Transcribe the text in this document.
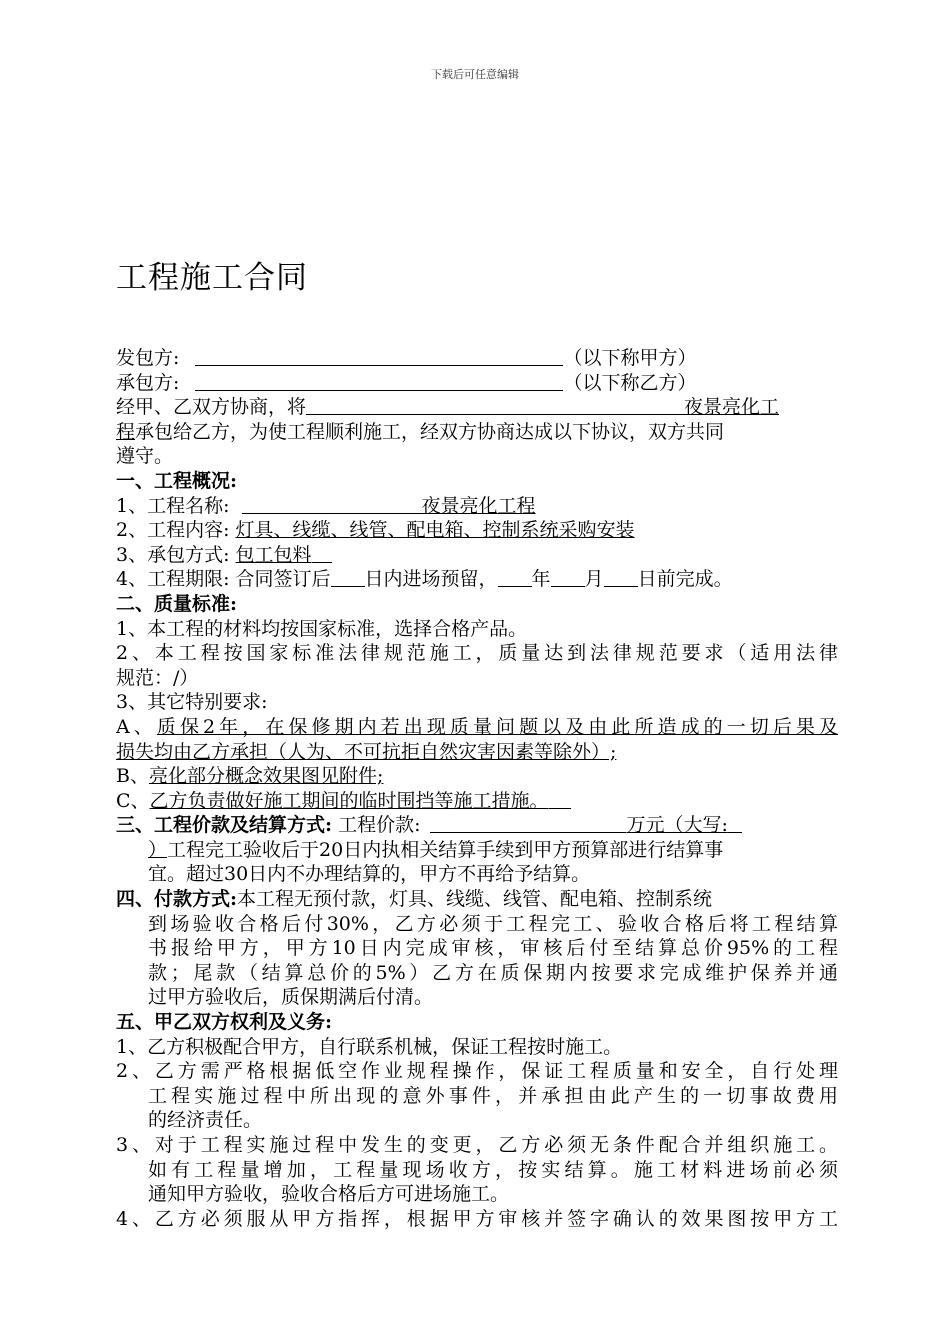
下载后可任意编辑
工程施工合同
发包方:	（以下称甲方）
承包方:	（以下称乙方）
经甲、乙双方协商，将	夜景亮化工
程承包给乙方，为使工程顺利施工，经双方协商达成以下协议，双方共同
遵守。
一、工程概况:
1、工程名称:	夜景亮化工程
2、工程内容: 灯具、线缆、线管、配电箱、控制系统采购安装
3、承包方式: 包工包料
4、工程期限: 合同签订后 日内进场预留， 年 月 日前完成。
二、质量标准:
1、本工程的材料均按国家标准，选择合格产品。
2、本工程按国家标准法律规范施工，质量达到法律规范要求（适用法律
规范：/）
3、其它特别要求:
A、质保2年，在保修期内若出现质量问题以及由此所造成的一切后果及
损失均由乙方承担（人为、不可抗拒自然灾害因素等除外）;
B、亮化部分概念效果图见附件;
C、乙方负责做好施工期间的临时围挡等施工措施。
三、工程价款及结算方式: 工程价款:	万元（大写:
）工程完工验收后于20日内执相关结算手续到甲方预算部进行结算事
宜。超过30日内不办理结算的，甲方不再给予结算。
四、付款方式:本工程无预付款，灯具、线缆、线管、配电箱、控制系统
到场验收合格后付30%，乙方必须于工程完工、验收合格后将工程结算
书报给甲方，甲方10日内完成审核，审核后付至结算总价95%的工程
款；尾款（结算总价的5%）乙方在质保期内按要求完成维护保养并通
过甲方验收后，质保期满后付清。
五、甲乙双方权利及义务:
1、乙方积极配合甲方，自行联系机械，保证工程按时施工。
2、乙方需严格根据低空作业规程操作，保证工程质量和安全，自行处理
工程实施过程中所出现的意外事件，并承担由此产生的一切事故费用
的经济责任。
3、对于工程实施过程中发生的变更，乙方必须无条件配合并组织施工。
如有工程量增加，工程量现场收方，按实结算。施工材料进场前必须
通知甲方验收，验收合格后方可进场施工。
4、乙方必须服从甲方指挥，根据甲方审核并签字确认的效果图按甲方工
